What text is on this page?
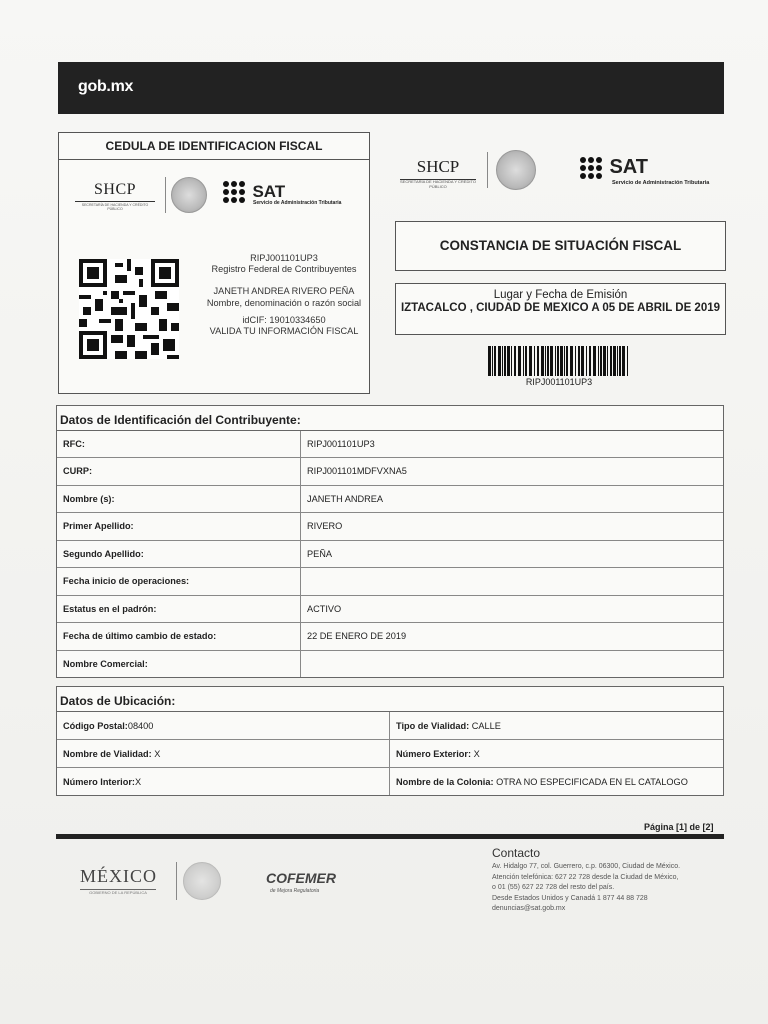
gob.mx
CEDULA DE IDENTIFICACION FISCAL
SHCP
SECRETARÍA DE HACIENDA Y CRÉDITO PÚBLICO
SAT
Servicio de Administración Tributaria
RIPJ001101UP3
Registro Federal de Contribuyentes
JANETH ANDREA RIVERO PEÑA
Nombre, denominación o razón social
idCIF: 19010334650
VALIDA TU INFORMACIÓN FISCAL
SHCP
SECRETARÍA DE HACIENDA Y CRÉDITO PÚBLICO
SAT
Servicio de Administración Tributaria
CONSTANCIA DE SITUACIÓN FISCAL
Lugar y Fecha de Emisión
IZTACALCO , CIUDAD DE MEXICO A 05 DE ABRIL DE 2019
RIPJ001101UP3
Datos de Identificación del Contribuyente:
RFC:	RIPJ001101UP3
CURP:	RIPJ001101MDFVXNA5
Nombre (s):	JANETH ANDREA
Primer Apellido:	RIVERO
Segundo Apellido:	PEÑA
Fecha inicio de operaciones:
Estatus en el padrón:	ACTIVO
Fecha de último cambio de estado:	22 DE ENERO DE 2019
Nombre Comercial:
Datos de Ubicación:
Código Postal: 08400	Tipo de Vialidad: CALLE
Nombre de Vialidad: X	Número Exterior: X
Número Interior: X	Nombre de la Colonia: OTRA NO ESPECIFICADA EN EL CATALOGO
Página [1] de [2]
MÉXICO
GOBIERNO DE LA REPÚBLICA
COFEMER
de Mejora Regulatoria
Contacto
Av. Hidalgo 77, col. Guerrero, c.p. 06300, Ciudad de México.
Atención telefónica: 627 22 728 desde la Ciudad de México,
o 01 (55) 627 22 728 del resto del país.
Desde Estados Unidos y Canadá 1 877 44 88 728
denuncias@sat.gob.mx
